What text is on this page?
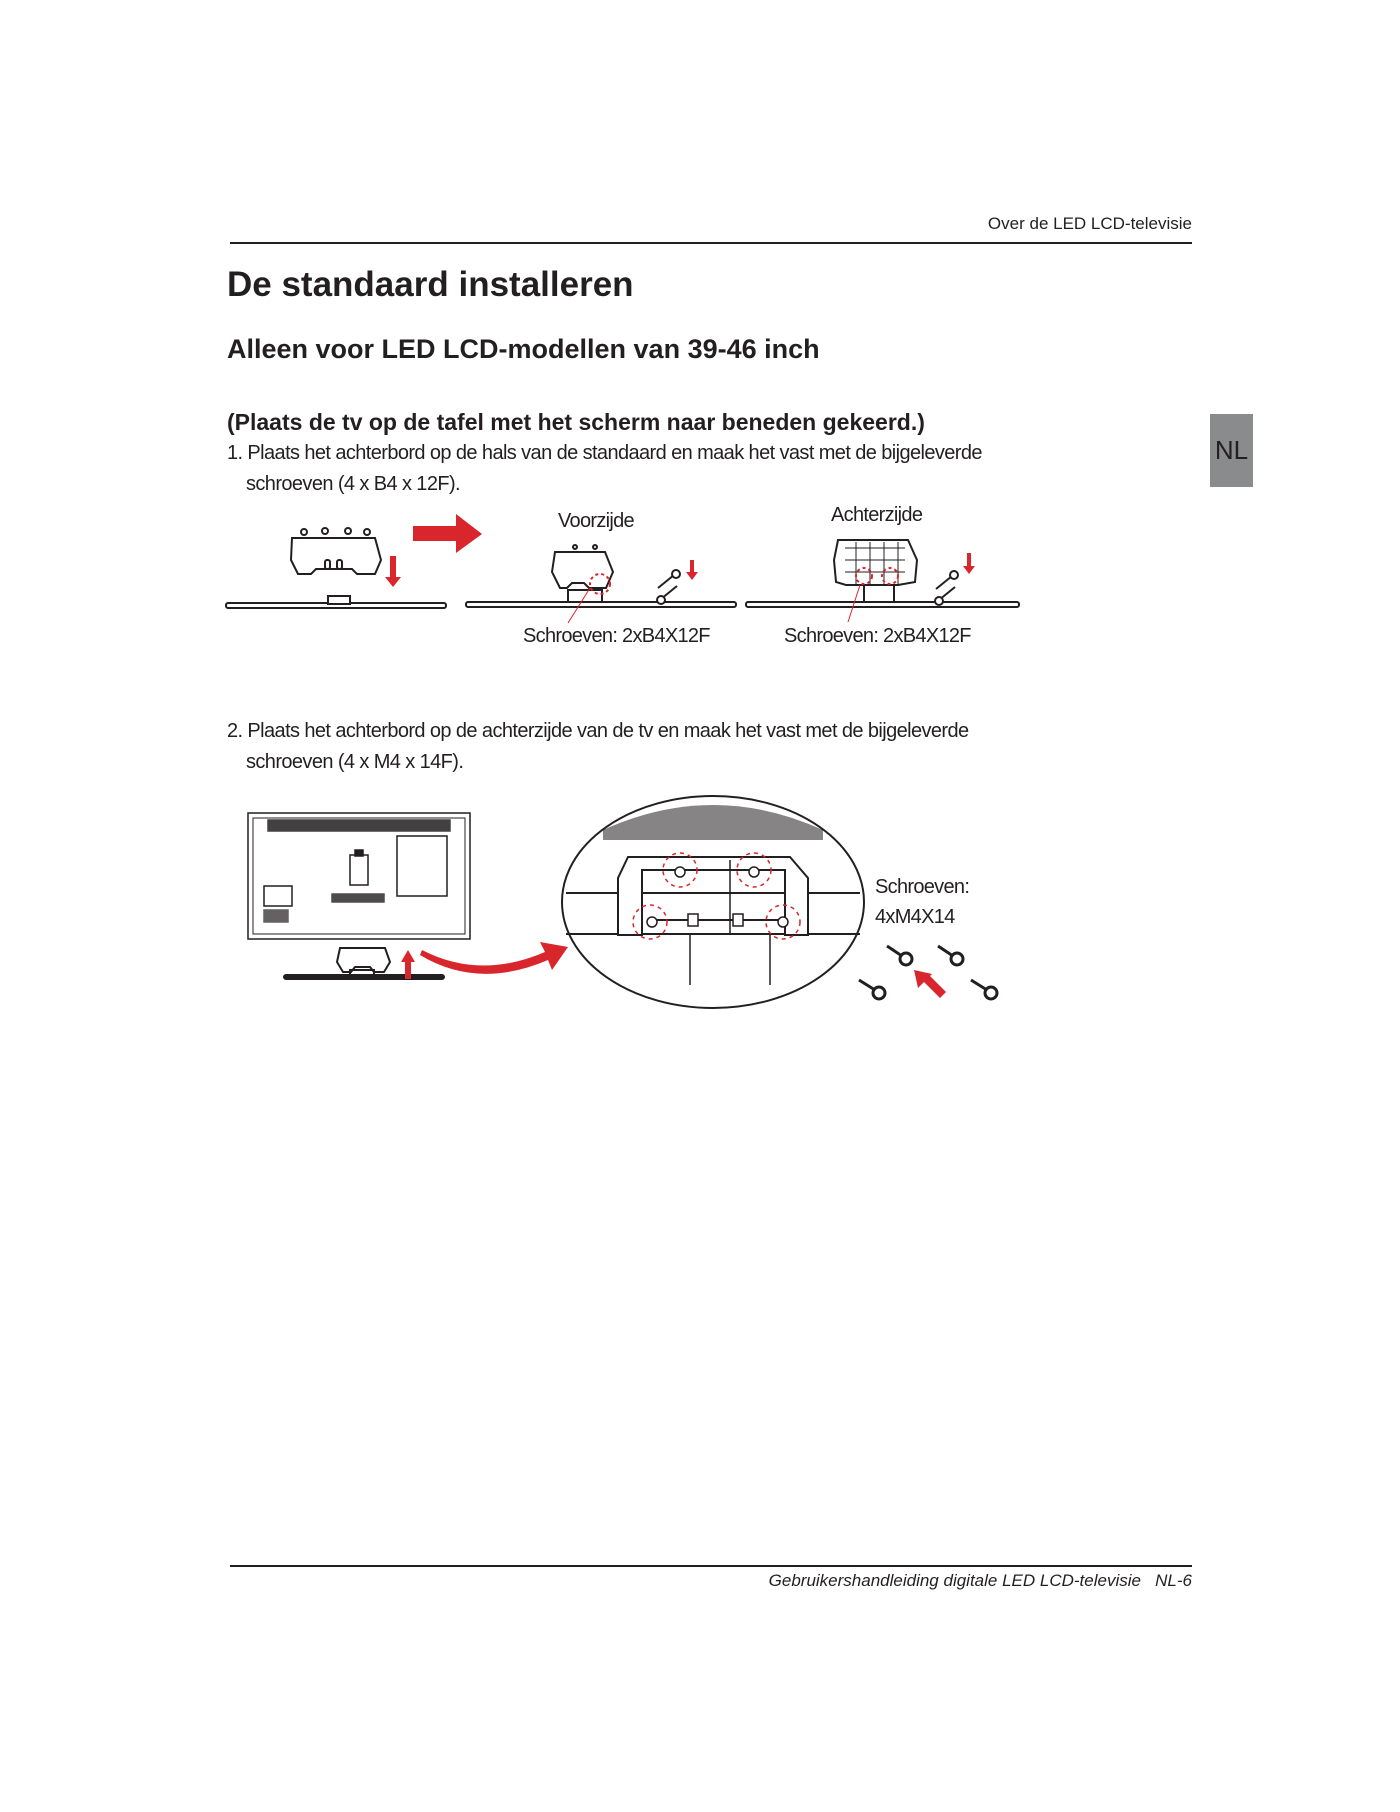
Over de LED LCD-televisie
NL
De standaard installeren
Alleen voor LED LCD-modellen van 39-46 inch
(Plaats de tv op de tafel met het scherm naar beneden gekeerd.)
1. Plaats het achterbord op de hals van de standaard en maak het vast met de bijgeleverde
schroeven (4 x B4 x 12F).
Voorzijde	Achterzijde
Schroeven: 2xB4X12F	Schroeven: 2xB4X12F
2. Plaats het achterbord op de achterzijde van de tv en maak het vast met de bijgeleverde
schroeven (4 x M4 x 14F).
Schroeven:
4xM4X14
Gebruikershandleiding digitale LED LCD-televisie NL-6
